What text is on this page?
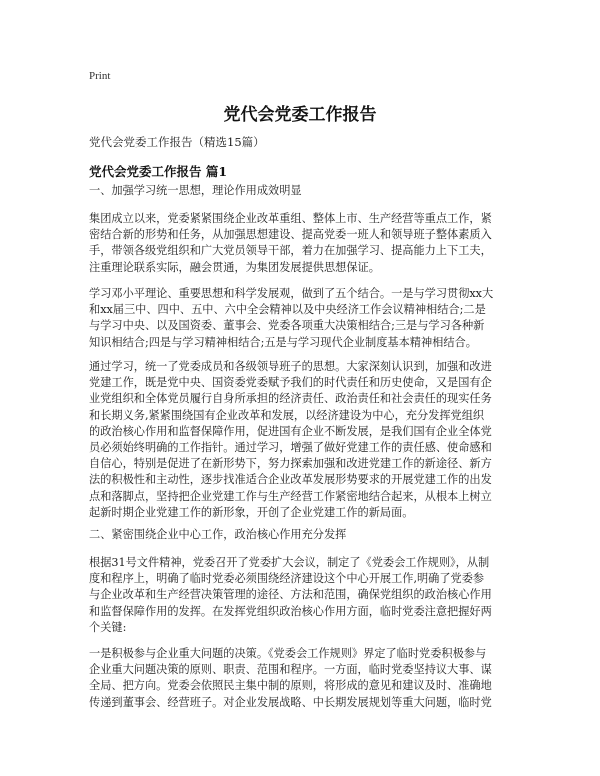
Print
党代会党委工作报告
党代会党委工作报告（精选15篇）
党代会党委工作报告 篇1
一、加强学习统一思想，理论作用成效明显
集团成立以来，党委紧紧围绕企业改革重组、整体上市、生产经营等重点工作，紧
密结合新的形势和任务，从加强思想建设、提高党委一班人和领导班子整体素质入
手，带领各级党组织和广大党员领导干部，着力在加强学习、提高能力上下工夫，
注重理论联系实际，融会贯通，为集团发展提供思想保证。
学习邓小平理论、重要思想和科学发展观，做到了五个结合。一是与学习贯彻xx大
和xx届三中、四中、五中、六中全会精神以及中央经济工作会议精神相结合;二是
与学习中央、以及国资委、董事会、党委各项重大决策相结合;三是与学习各种新
知识相结合;四是与学习精神相结合;五是与学习现代企业制度基本精神相结合。
通过学习，统一了党委成员和各级领导班子的思想。大家深刻认识到，加强和改进
党建工作，既是党中央、国资委党委赋予我们的时代责任和历史使命，又是国有企
业党组织和全体党员履行自身所承担的经济责任、政治责任和社会责任的现实任务
和长期义务,紧紧围绕国有企业改革和发展，以经济建设为中心，充分发挥党组织
的政治核心作用和监督保障作用，促进国有企业不断发展，是我们国有企业全体党
员必须始终明确的工作指针。通过学习，增强了做好党建工作的责任感、使命感和
自信心，特别是促进了在新形势下，努力探索加强和改进党建工作的新途径、新方
法的积极性和主动性，逐步找准适合企业改革发展形势要求的开展党建工作的出发
点和落脚点，坚持把企业党建工作与生产经营工作紧密地结合起来，从根本上树立
起新时期企业党建工作的新形象，开创了企业党建工作的新局面。
二、紧密围绕企业中心工作，政治核心作用充分发挥
根据31号文件精神，党委召开了党委扩大会议，制定了《党委会工作规则》，从制
度和程序上，明确了临时党委必须围绕经济建设这个中心开展工作,明确了党委参
与企业改革和生产经营决策管理的途径、方法和范围，确保党组织的政治核心作用
和监督保障作用的发挥。在发挥党组织政治核心作用方面，临时党委注意把握好两
个关键:
一是积极参与企业重大问题的决策。《党委会工作规则》界定了临时党委积极参与
企业重大问题决策的原则、职责、范围和程序。一方面，临时党委坚持议大事、谋
全局、把方向。党委会依照民主集中制的原则，将形成的意见和建议及时、准确地
传递到董事会、经营班子。对企业发展战略、中长期发展规划等重大问题，临时党
